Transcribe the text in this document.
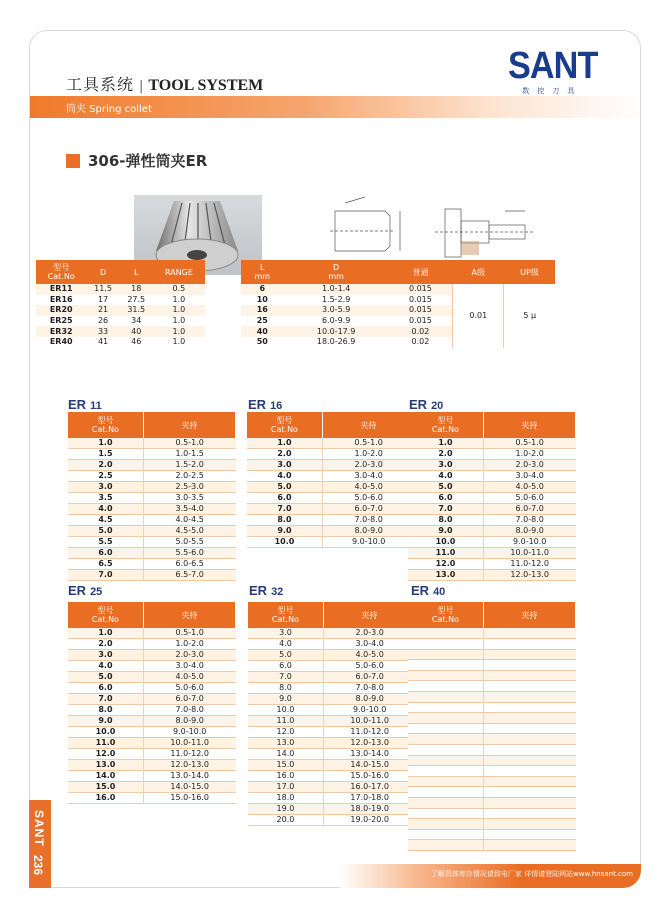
工具系统 | TOOL SYSTEM	SANT
数控刀具
筒夹 Spring collet
306-弹性筒夹ER
型号
Cat.No	D	L	RANGE
ER11	11.5	18	0.5
ER16	17	27.5	1.0
ER20	21	31.5	1.0
ER25	26	34	1.0
ER32	33	40	1.0
ER40	41	46	1.0
L
mm	D
mm	普通	A级	UP级
6	1.0-1.4	0.015	0.01	5 μ
10	1.5-2.9	0.015		
16	3.0-5.9	0.015		
25	6.0-9.9	0.015		
40	10.0-17.9	0.02		
50	18.0-26.9	0.02		
ER 11
型号
Cat.No	夹持
1.0	0.5-1.0
1.5	1.0-1.5
2.0	1.5-2.0
2.5	2.0-2.5
3.0	2.5-3.0
3.5	3.0-3.5
4.0	3.5-4.0
4.5	4.0-4.5
5.0	4.5-5.0
5.5	5.0-5.5
6.0	5.5-6.0
6.5	6.0-6.5
7.0	6.5-7.0
ER 16
型号
Cat.No	夹持
1.0	0.5-1.0
2.0	1.0-2.0
3.0	2.0-3.0
4.0	3.0-4.0
5.0	4.0-5.0
6.0	5.0-6.0
7.0	6.0-7.0
8.0	7.0-8.0
9.0	8.0-9.0
10.0	9.0-10.0
ER 20
型号
Cat.No	夹持
1.0	0.5-1.0
2.0	1.0-2.0
3.0	2.0-3.0
4.0	3.0-4.0
5.0	4.0-5.0
6.0	5.0-6.0
7.0	6.0-7.0
8.0	7.0-8.0
9.0	8.0-9.0
10.0	9.0-10.0
11.0	10.0-11.0
12.0	11.0-12.0
13.0	12.0-13.0
ER 25
型号
Cat.No	夹持
1.0	0.5-1.0
2.0	1.0-2.0
3.0	2.0-3.0
4.0	3.0-4.0
5.0	4.0-5.0
6.0	5.0-6.0
7.0	6.0-7.0
8.0	7.0-8.0
9.0	8.0-9.0
10.0	9.0-10.0
11.0	10.0-11.0
12.0	11.0-12.0
13.0	12.0-13.0
14.0	13.0-14.0
15.0	14.0-15.0
16.0	15.0-16.0
ER 32
型号
Cat.No	夹持
3.0	2.0-3.0
4.0	3.0-4.0
5.0	4.0-5.0
6.0	5.0-6.0
7.0	6.0-7.0
8.0	7.0-8.0
9.0	8.0-9.0
10.0	9.0-10.0
11.0	10.0-11.0
12.0	11.0-12.0
13.0	12.0-13.0
14.0	13.0-14.0
15.0	14.0-15.0
16.0	15.0-16.0
17.0	16.0-17.0
18.0	17.0-18.0
19.0	18.0-19.0
20.0	19.0-20.0
ER 40
型号
Cat.No	夹持

SANT
236	了解具体库存情况请致电厂家 详情请登陆网站www.hnsant.com
